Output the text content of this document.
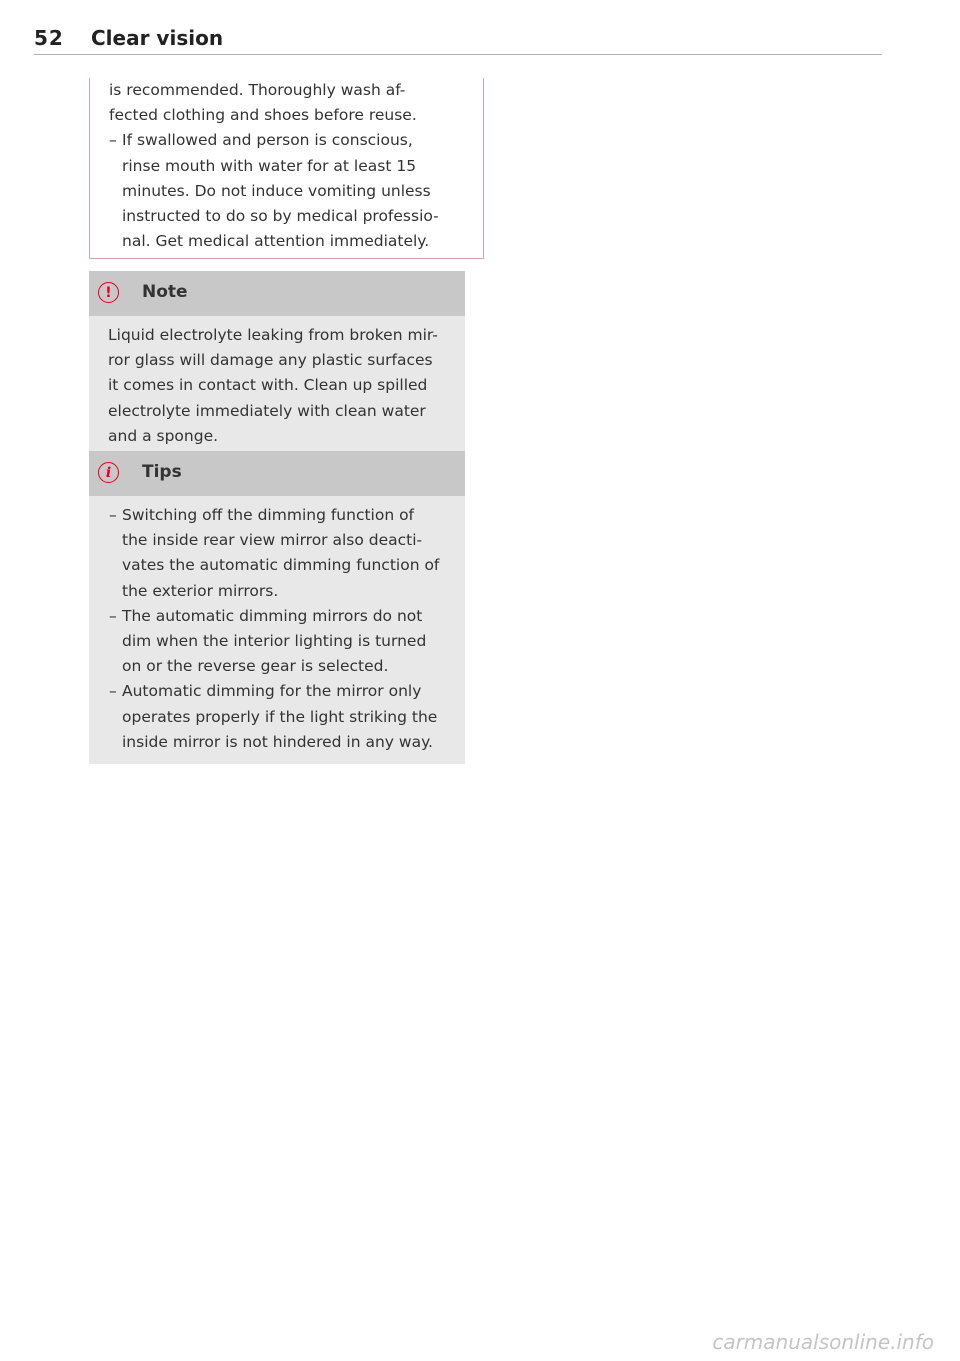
52 Clear vision
is recommended. Thoroughly wash af-
fected clothing and shoes before reuse.
– If swallowed and person is conscious,
rinse mouth with water for at least 15
minutes. Do not induce vomiting unless
instructed to do so by medical professio-
nal. Get medical attention immediately.
!	Note
Liquid electrolyte leaking from broken mir-
ror glass will damage any plastic surfaces
it comes in contact with. Clean up spilled
electrolyte immediately with clean water
and a sponge.
i	Tips
– Switching off the dimming function of
the inside rear view mirror also deacti-
vates the automatic dimming function of
the exterior mirrors.
– The automatic dimming mirrors do not
dim when the interior lighting is turned
on or the reverse gear is selected.
– Automatic dimming for the mirror only
operates properly if the light striking the
inside mirror is not hindered in any way.
carmanualsonline.info
